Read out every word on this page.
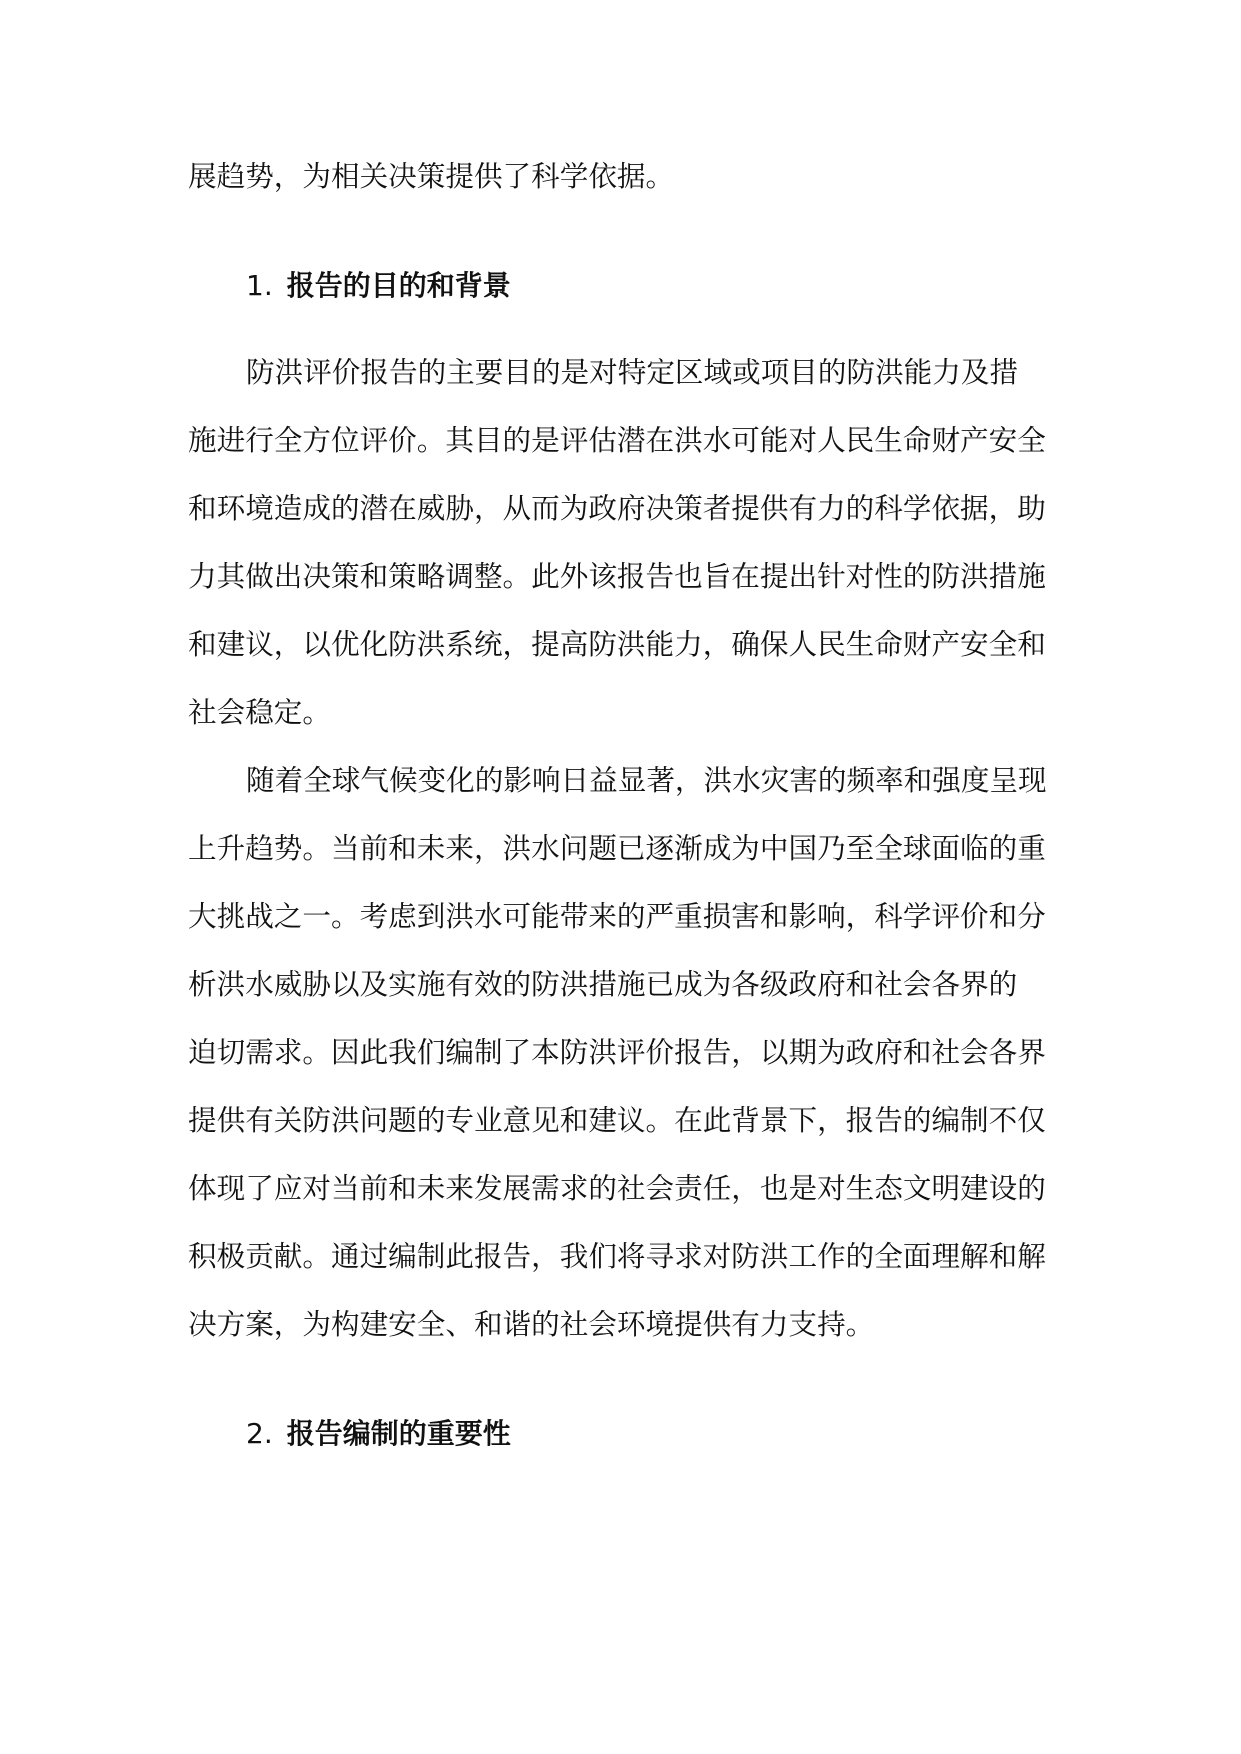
展趋势，为相关决策提供了科学依据。
1. 报告的目的和背景
防洪评价报告的主要目的是对特定区域或项目的防洪能力及措
施进行全方位评价。其目的是评估潜在洪水可能对人民生命财产安全
和环境造成的潜在威胁，从而为政府决策者提供有力的科学依据，助
力其做出决策和策略调整。此外该报告也旨在提出针对性的防洪措施
和建议，以优化防洪系统，提高防洪能力，确保人民生命财产安全和
社会稳定。
随着全球气候变化的影响日益显著，洪水灾害的频率和强度呈现
上升趋势。当前和未来，洪水问题已逐渐成为中国乃至全球面临的重
大挑战之一。考虑到洪水可能带来的严重损害和影响，科学评价和分
析洪水威胁以及实施有效的防洪措施已成为各级政府和社会各界的
迫切需求。因此我们编制了本防洪评价报告，以期为政府和社会各界
提供有关防洪问题的专业意见和建议。在此背景下，报告的编制不仅
体现了应对当前和未来发展需求的社会责任，也是对生态文明建设的
积极贡献。通过编制此报告，我们将寻求对防洪工作的全面理解和解
决方案，为构建安全、和谐的社会环境提供有力支持。
2. 报告编制的重要性
